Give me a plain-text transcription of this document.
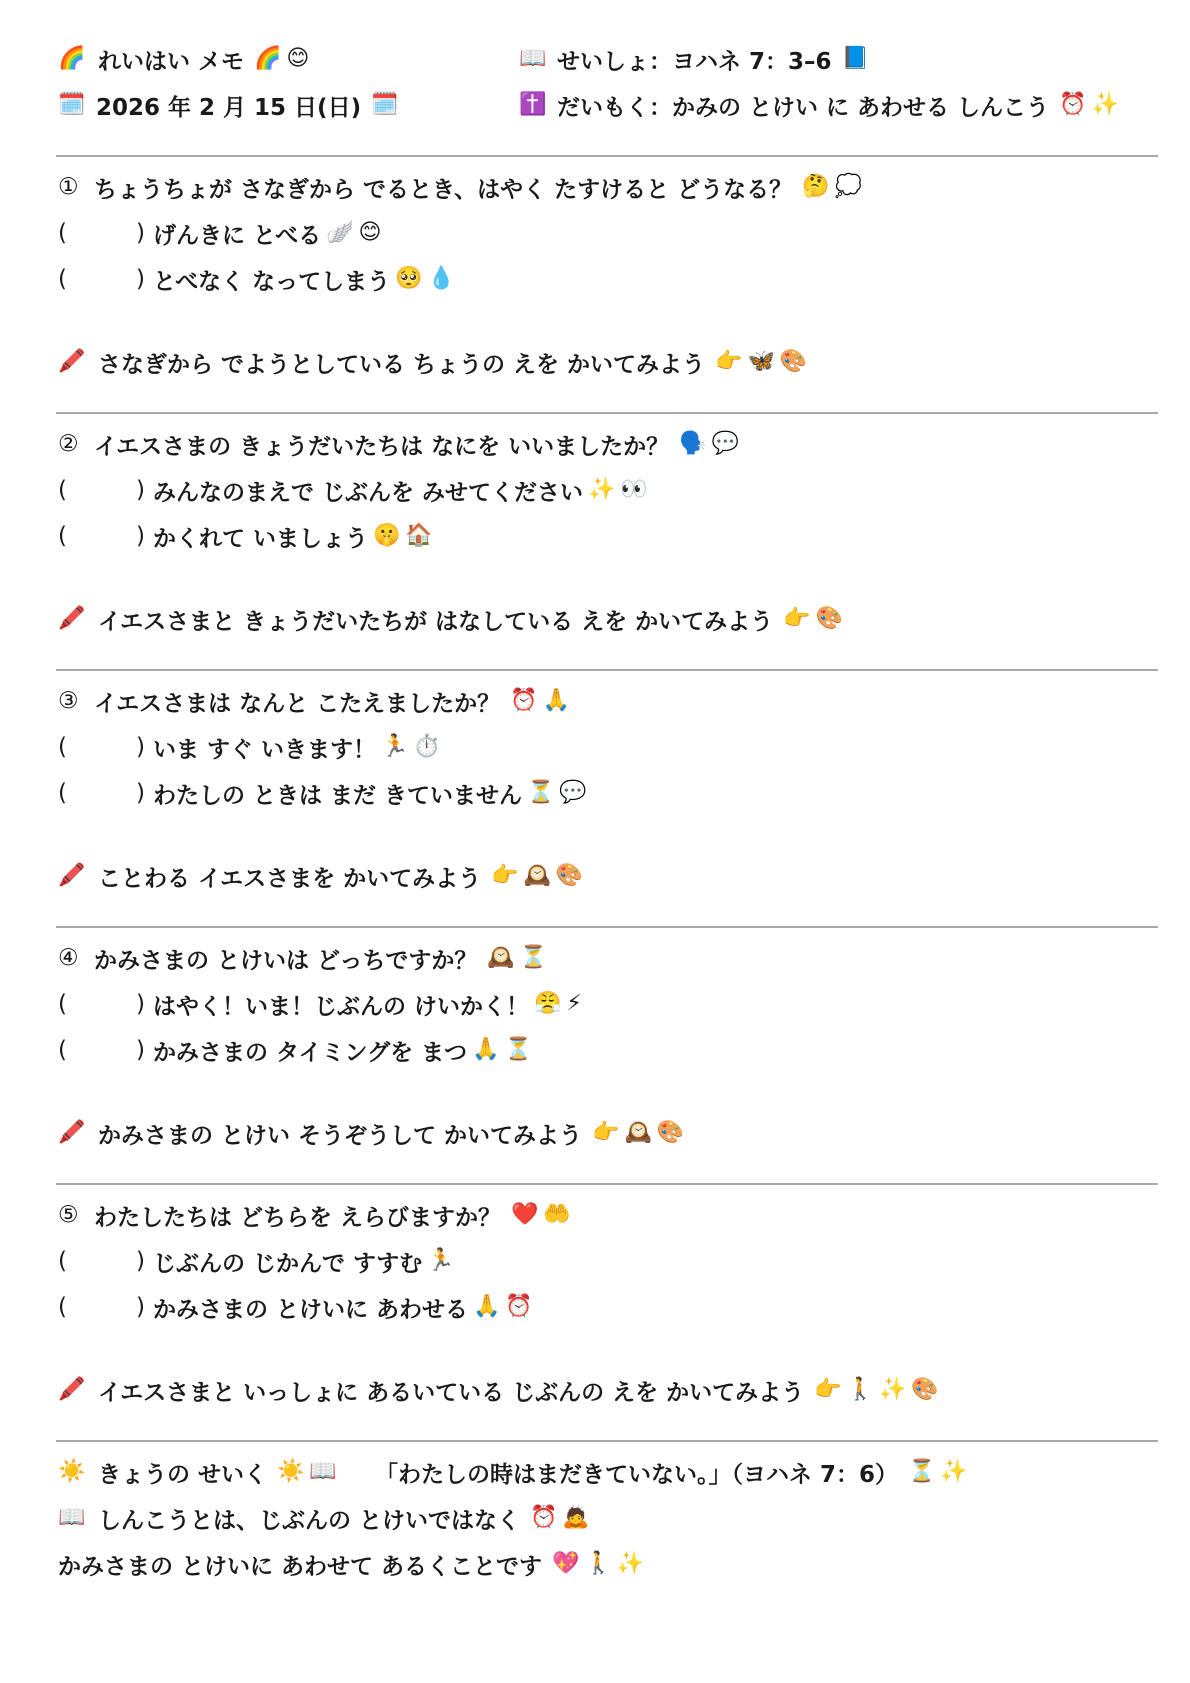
🌈 れいはい メモ 🌈 😊	📖 せいしょ：ヨハネ 7：3–6 📘
🗓️ 2026 年 2 月 15 日(日) 🗓️	✝️ だいもく：かみの とけい に あわせる しんこう ⏰ ✨
① ちょうちょが さなぎから でるとき、はやく たすけると どうなる？ 🤔 💭
(	) げんきに とべる 🪽 😊
(	) とべなく なってしまう 🥺 💧
🖍️ さなぎから でようとしている ちょうの えを かいてみよう 👉 🦋 🎨
② イエスさまの きょうだいたちは なにを いいましたか？ 🗣️ 💬
(	) みんなのまえで じぶんを みせてください ✨ 👀
(	) かくれて いましょう 🤫 🏠
🖍️ イエスさまと きょうだいたちが はなしている えを かいてみよう 👉 🎨
③ イエスさまは なんと こたえましたか？ ⏰ 🙏
(	) いま すぐ いきます！ 🏃 ⏱️
(	) わたしの ときは まだ きていません ⏳ 💬
🖍️ ことわる イエスさまを かいてみよう 👉 🕰️ 🎨
④ かみさまの とけいは どっちですか？ 🕰️ ⏳
(	) はやく！いま！じぶんの けいかく！ 😤 ⚡
(	) かみさまの タイミングを まつ 🙏 ⏳
🖍️ かみさまの とけい そうぞうして かいてみよう 👉 🕰️ 🎨
⑤ わたしたちは どちらを えらびますか？ ❤️ 🤲
(	) じぶんの じかんで すすむ 🏃
(	) かみさまの とけいに あわせる 🙏 ⏰
🖍️ イエスさまと いっしょに あるいている じぶんの えを かいてみよう 👉 🚶 ✨ 🎨
☀️ きょうの せいく ☀️ 📖 「わたしの時はまだきていない。」（ヨハネ 7：6） ⏳ ✨
📖 しんこうとは、じぶんの とけいではなく ⏰ 🙇
かみさまの とけいに あわせて あるくことです 💖 🚶 ✨
